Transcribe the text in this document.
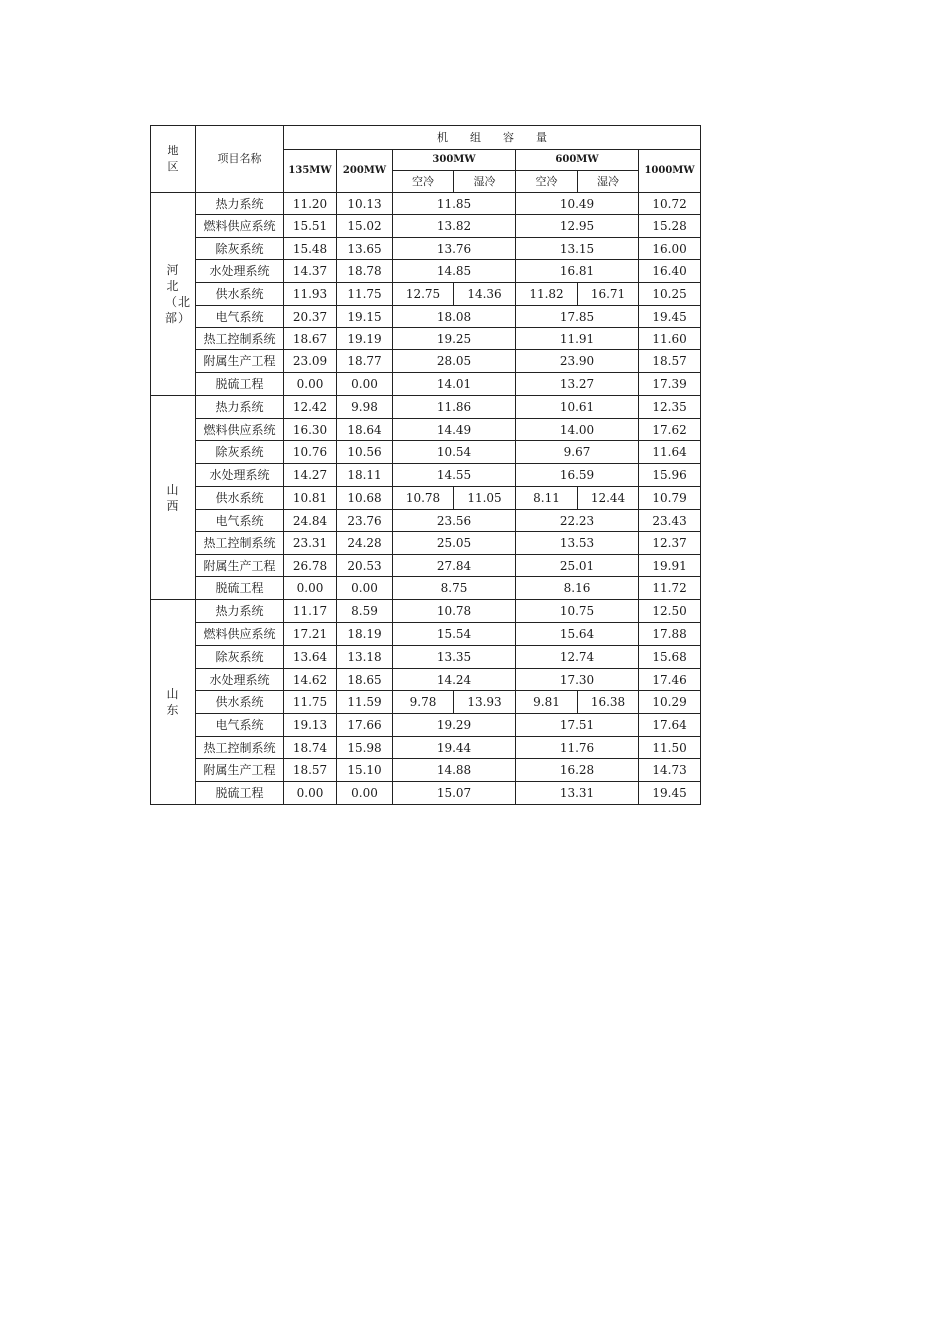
地区	项目名称	机　　组　　容　　量						
		135MW	200MW	300MW		600MW		1000MW
				空冷	湿冷	空冷	湿冷	
河北（北部）	热力系统	11.20	10.13	11.85		10.49		10.72
	燃料供应系统	15.51	15.02	13.82		12.95		15.28
	除灰系统	15.48	13.65	13.76		13.15		16.00
	水处理系统	14.37	18.78	14.85		16.81		16.40
	供水系统	11.93	11.75	12.75	14.36	11.82	16.71	10.25
	电气系统	20.37	19.15	18.08		17.85		19.45
	热工控制系统	18.67	19.19	19.25		11.91		11.60
	附属生产工程	23.09	18.77	28.05		23.90		18.57
	脱硫工程	0.00	0.00	14.01		13.27		17.39
山　　西	热力系统	12.42	9.98	11.86		10.61		12.35
	燃料供应系统	16.30	18.64	14.49		14.00		17.62
	除灰系统	10.76	10.56	10.54		9.67		11.64
	水处理系统	14.27	18.11	14.55		16.59		15.96
	供水系统	10.81	10.68	10.78	11.05	8.11	12.44	10.79
	电气系统	24.84	23.76	23.56		22.23		23.43
	热工控制系统	23.31	24.28	25.05		13.53		12.37
	附属生产工程	26.78	20.53	27.84		25.01		19.91
	脱硫工程	0.00	0.00	8.75		8.16		11.72
山　　东	热力系统	11.17	8.59	10.78		10.75		12.50
	燃料供应系统	17.21	18.19	15.54		15.64		17.88
	除灰系统	13.64	13.18	13.35		12.74		15.68
	水处理系统	14.62	18.65	14.24		17.30		17.46
	供水系统	11.75	11.59	9.78	13.93	9.81	16.38	10.29
	电气系统	19.13	17.66	19.29		17.51		17.64
	热工控制系统	18.74	15.98	19.44		11.76		11.50
	附属生产工程	18.57	15.10	14.88		16.28		14.73
	脱硫工程	0.00	0.00	15.07		13.31		19.45
